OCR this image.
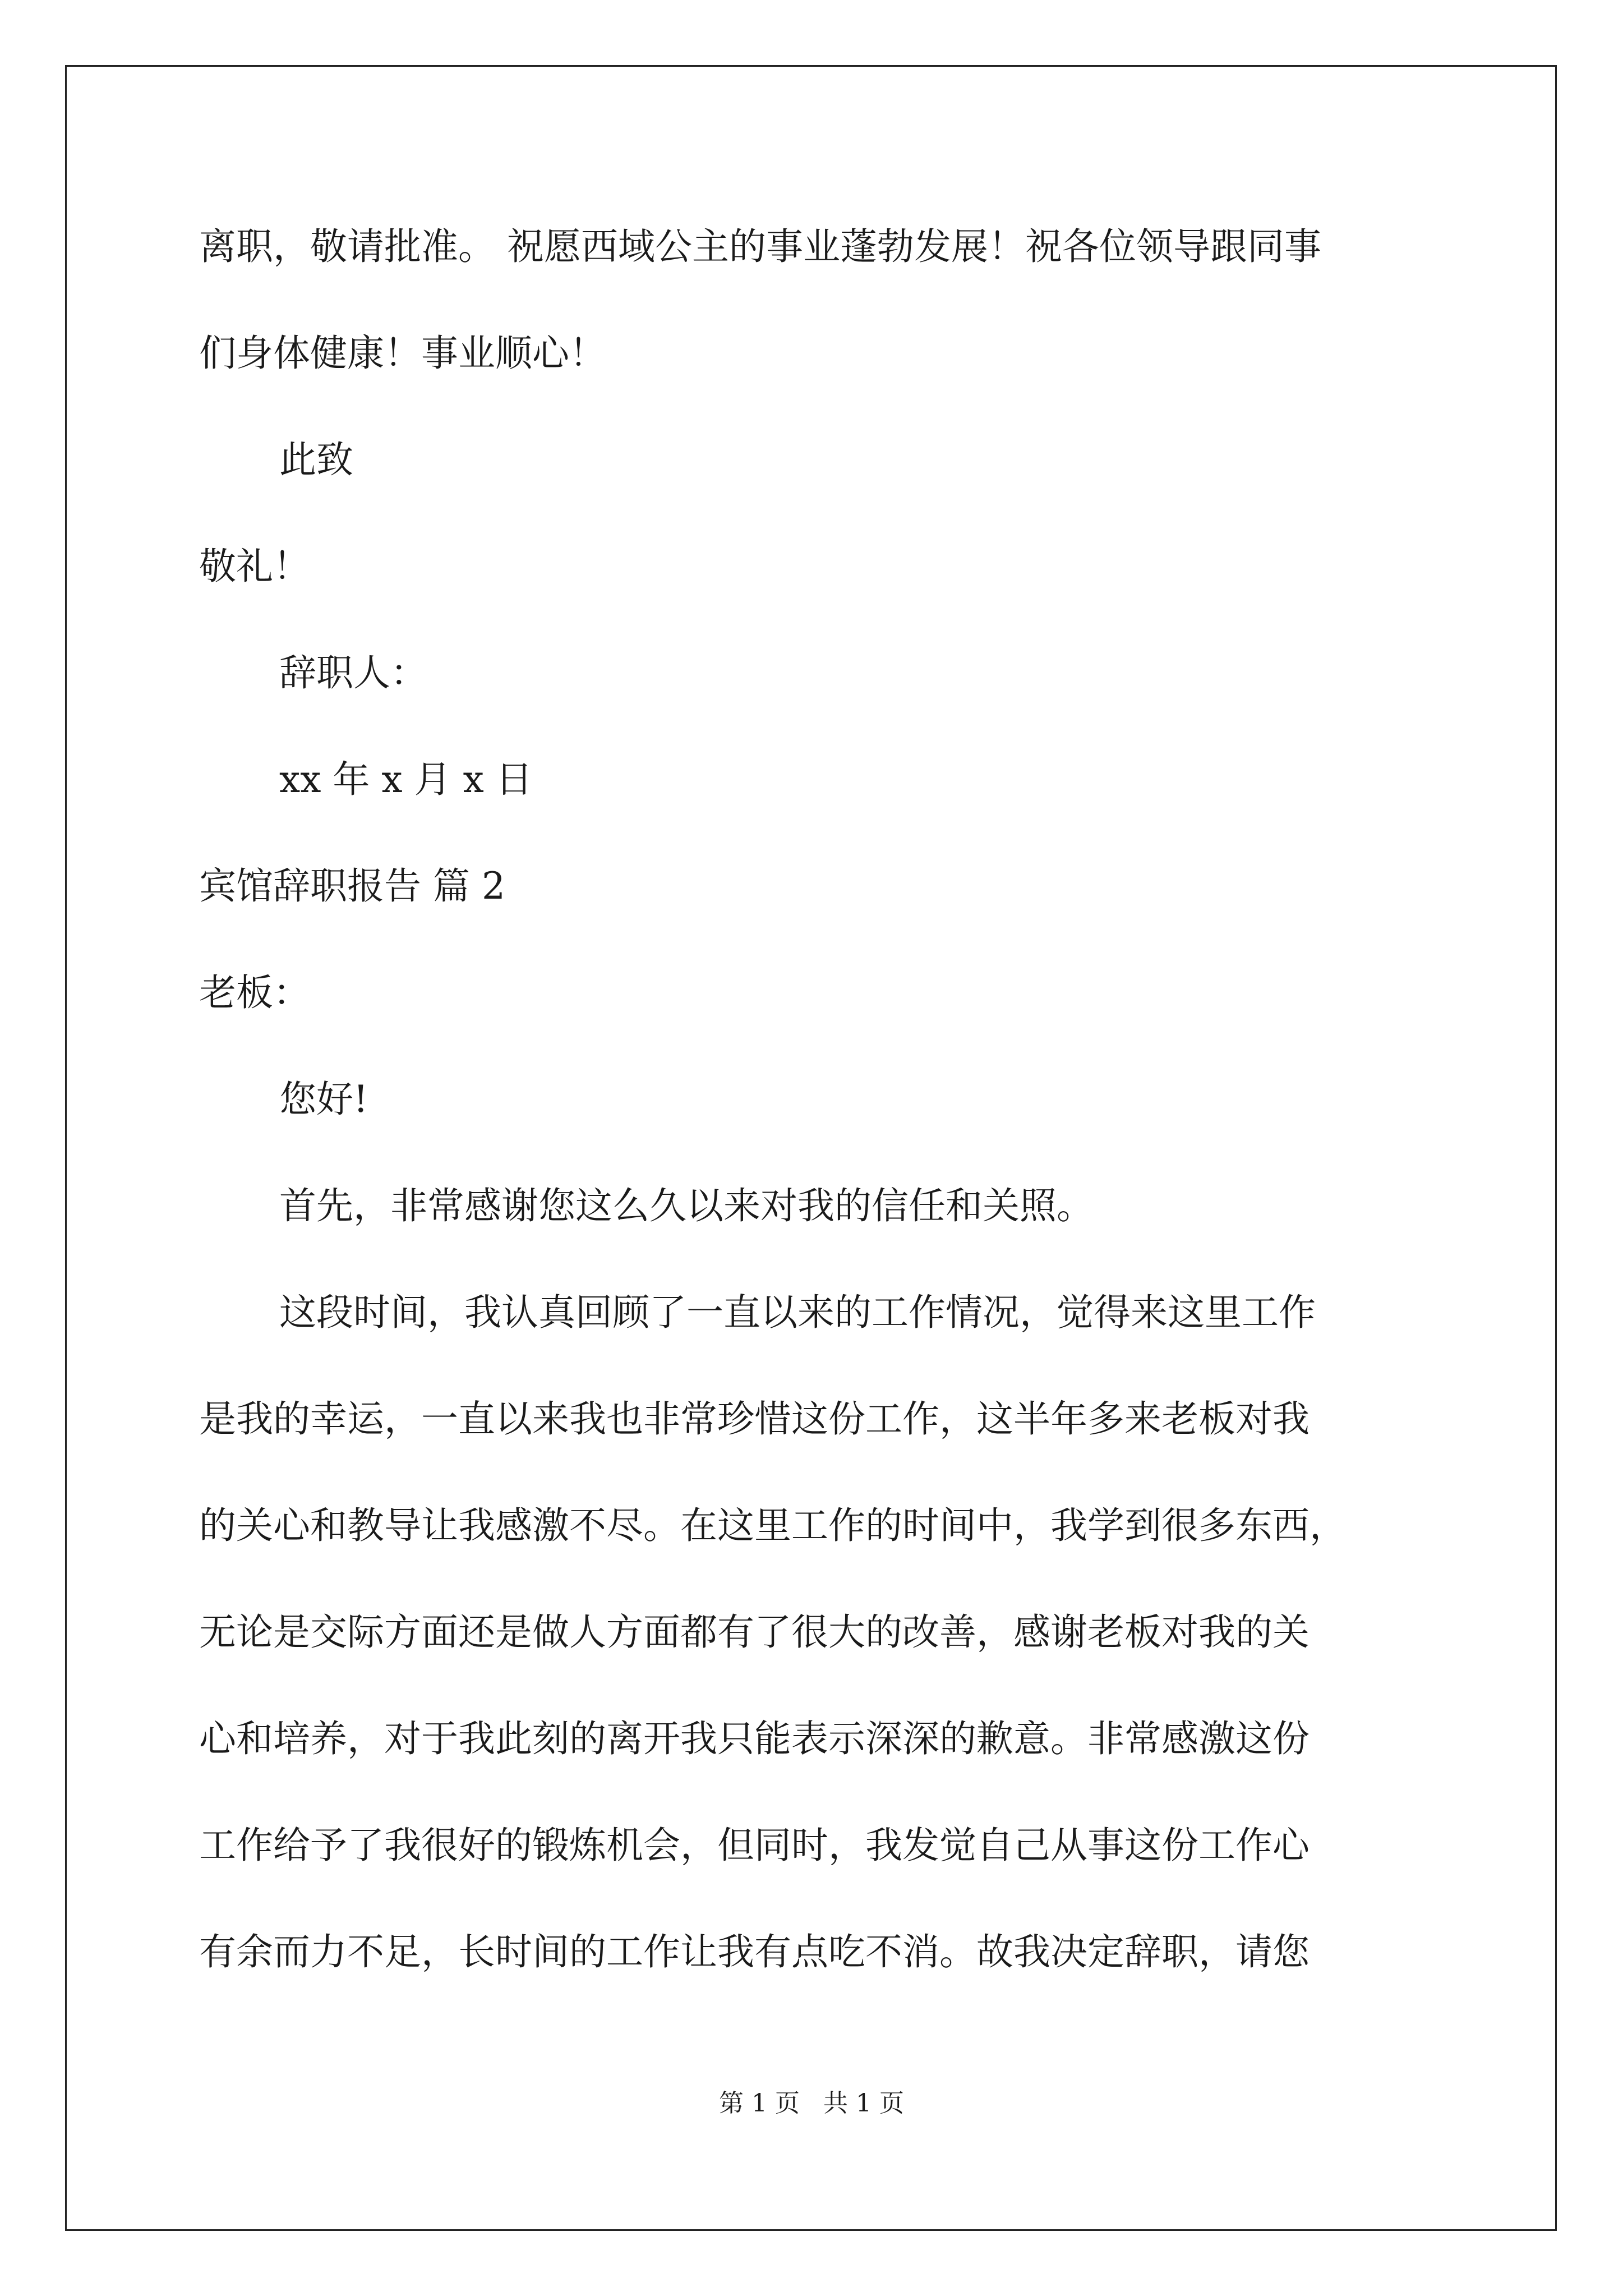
离职，敬请批准。 祝愿西域公主的事业蓬勃发展！祝各位领导跟同事
们身体健康！事业顺心！
此致
敬礼！
辞职人：
xx 年 x 月 x 日
宾馆辞职报告 篇 2
老板：
您好!
首先，非常感谢您这么久以来对我的信任和关照。
这段时间，我认真回顾了一直以来的工作情况，觉得来这里工作
是我的幸运，一直以来我也非常珍惜这份工作，这半年多来老板对我
的关心和教导让我感激不尽。在这里工作的时间中，我学到很多东西，
无论是交际方面还是做人方面都有了很大的改善，感谢老板对我的关
心和培养，对于我此刻的离开我只能表示深深的歉意。非常感激这份
工作给予了我很好的锻炼机会，但同时，我发觉自己从事这份工作心
有余而力不足，长时间的工作让我有点吃不消。故我决定辞职，请您
第 1 页   共 1 页
